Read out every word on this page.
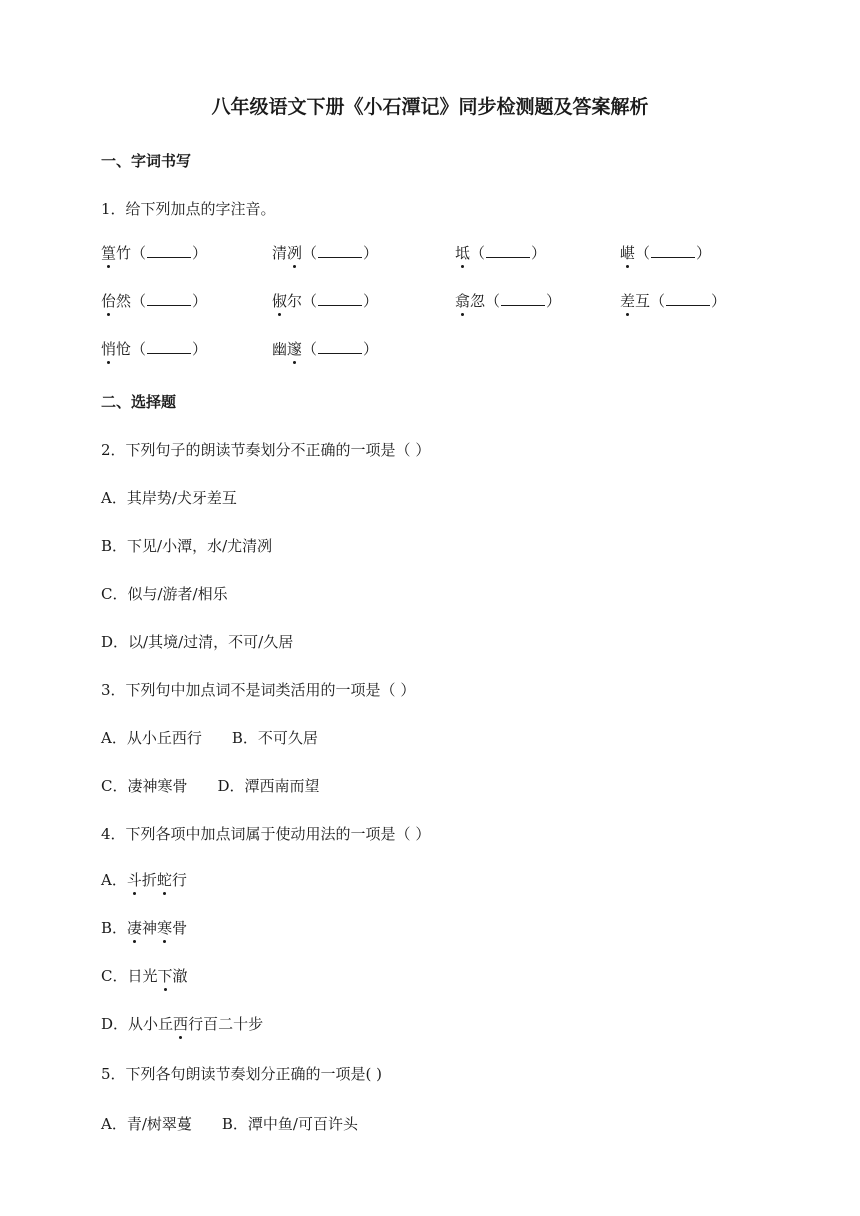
八年级语文下册《小石潭记》同步检测题及答案解析
一、字词书写
1．给下列加点的字注音。
篁竹（	）	清冽（	）	坻（	）	嵁（	）
佁然（	）	俶尔（	）	翕忽（	）	差互（	）
悄怆（	）	幽邃（	）
二、选择题
2．下列句子的朗读节奏划分不正确的一项是（ ）
A．其岸势/犬牙差互
B．下见/小潭，水/尤清冽
C．似与/游者/相乐
D．以/其境/过清，不可/久居
3．下列句中加点词不是词类活用的一项是（ ）
A．从小丘西行 B．不可久居
C．凄神寒骨 D．潭西南而望
4．下列各项中加点词属于使动用法的一项是（ ）
A．斗折蛇行
B．凄神寒骨
C．日光下澈
D．从小丘西行百二十步
5．下列各句朗读节奏划分正确的一项是( )
A．青/树翠蔓 B．潭中鱼/可百许头
